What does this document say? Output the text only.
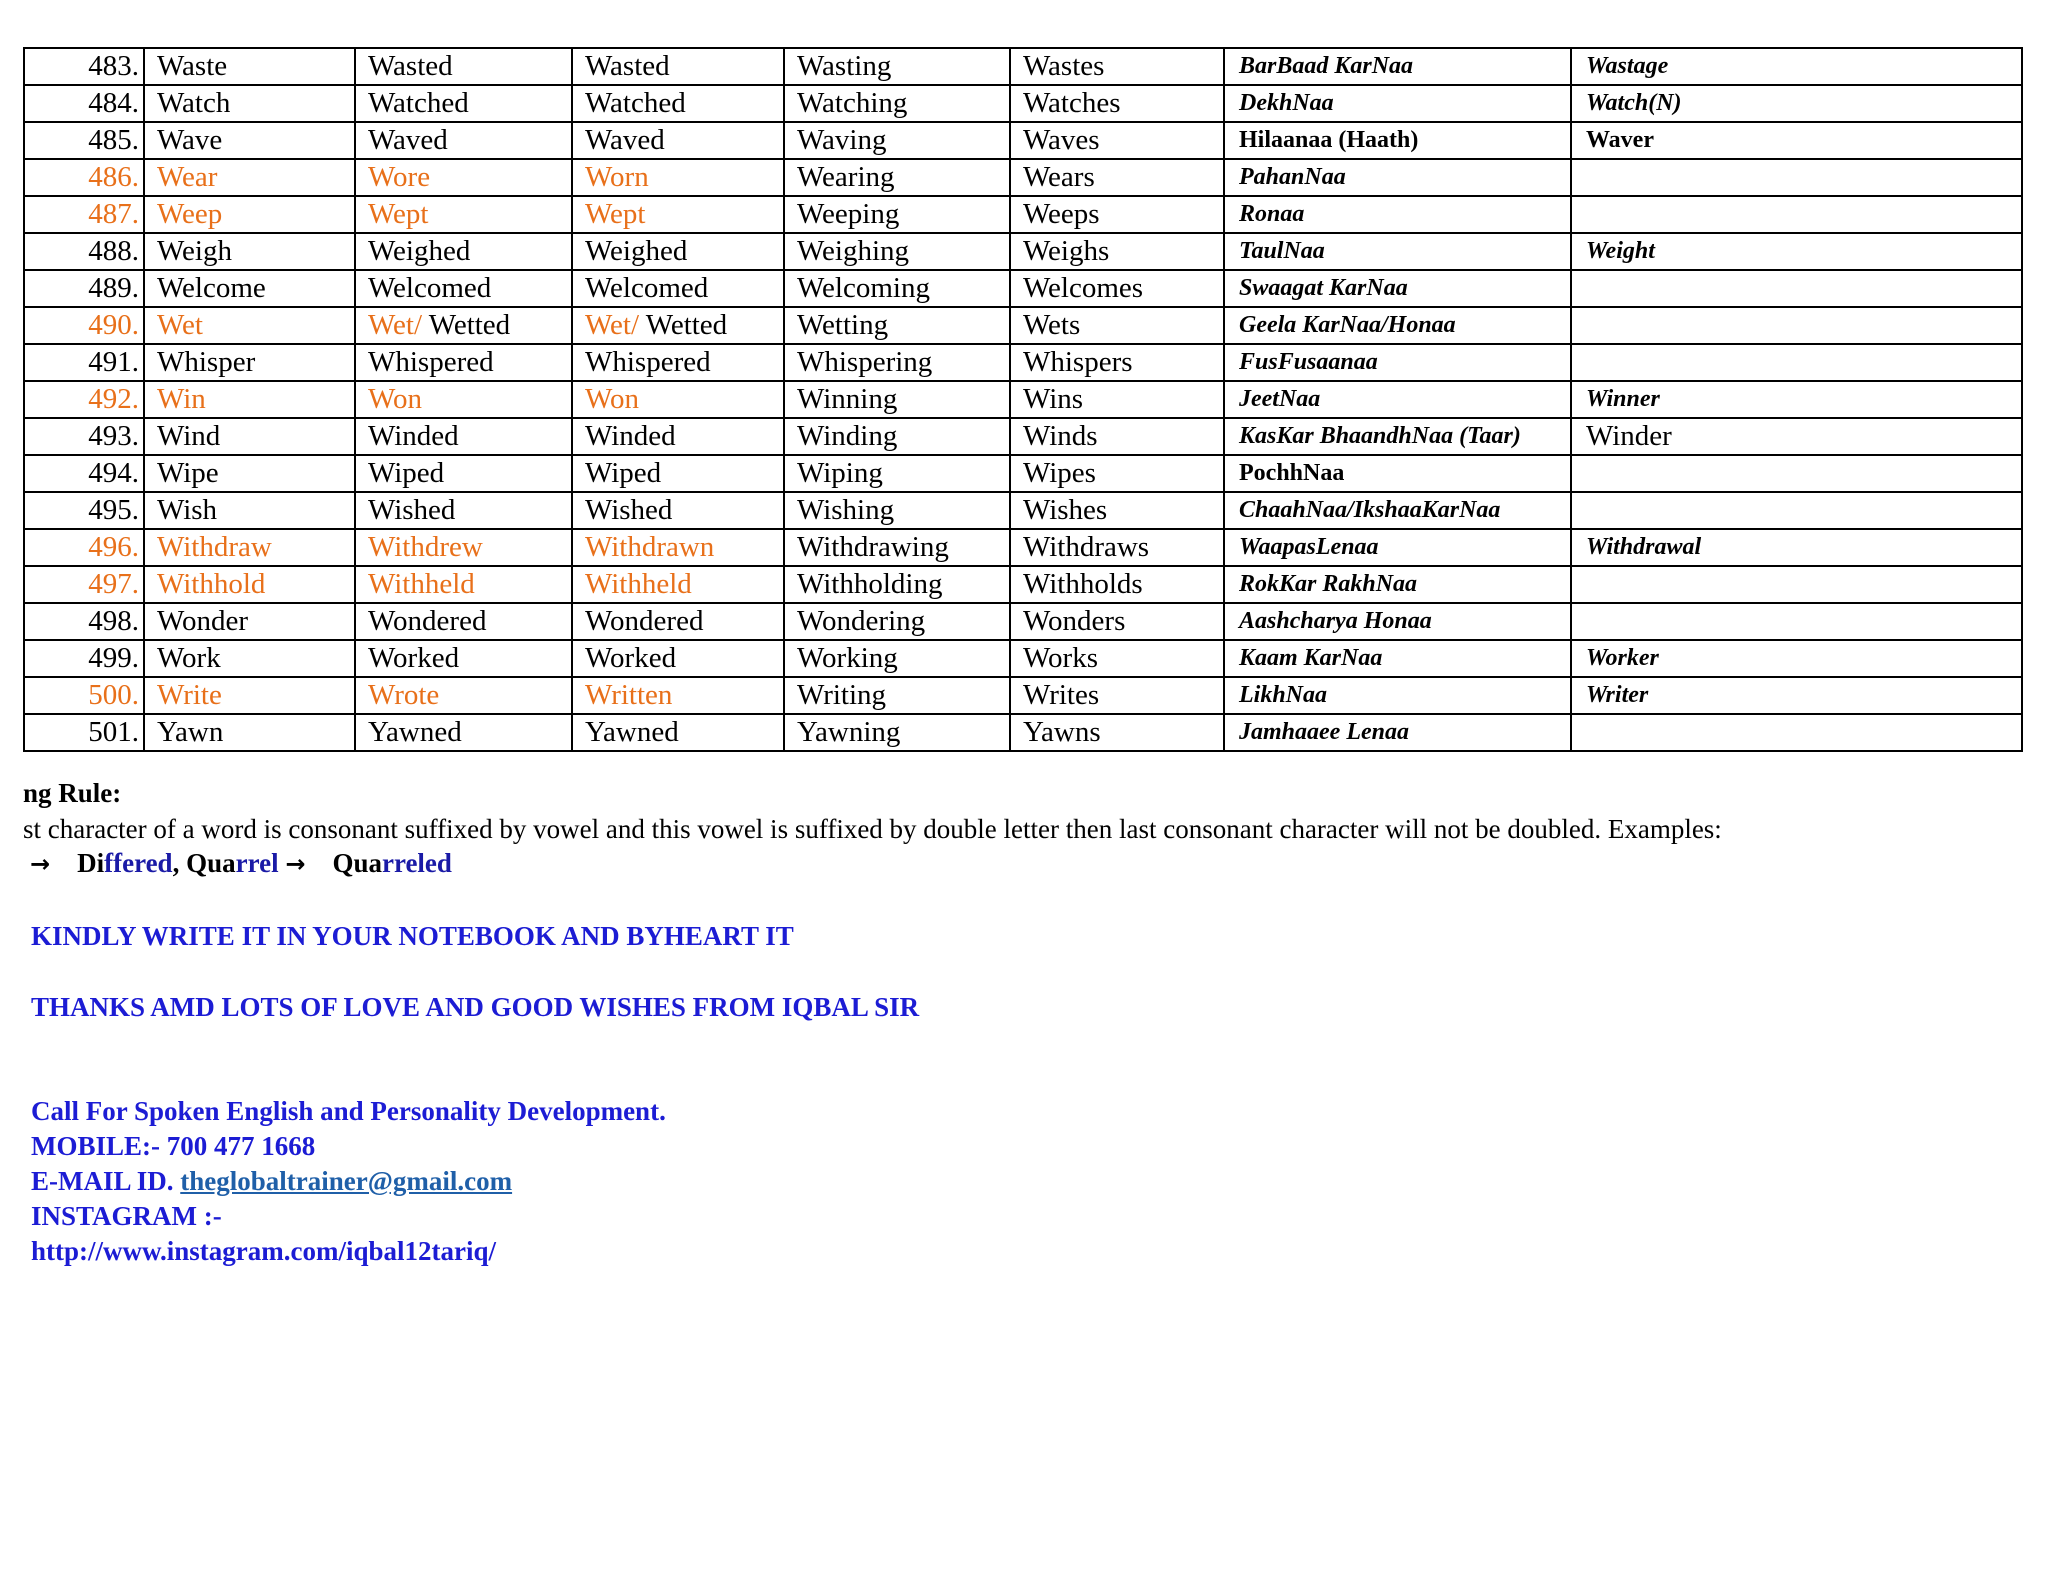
483.	Waste	Wasted	Wasted	Wasting	Wastes	BarBaad KarNaa	Wastage
484.	Watch	Watched	Watched	Watching	Watches	DekhNaa	Watch(N)
485.	Wave	Waved	Waved	Waving	Waves	Hilaanaa (Haath)	Waver
486.	Wear	Wore	Worn	Wearing	Wears	PahanNaa	
487.	Weep	Wept	Wept	Weeping	Weeps	Ronaa	
488.	Weigh	Weighed	Weighed	Weighing	Weighs	TaulNaa	Weight
489.	Welcome	Welcomed	Welcomed	Welcoming	Welcomes	Swaagat KarNaa	
490.	Wet	Wet/ Wetted	Wet/ Wetted	Wetting	Wets	Geela KarNaa/Honaa	
491.	Whisper	Whispered	Whispered	Whispering	Whispers	FusFusaanaa	
492.	Win	Won	Won	Winning	Wins	JeetNaa	Winner
493.	Wind	Winded	Winded	Winding	Winds	KasKar BhaandhNaa (Taar)	Winder
494.	Wipe	Wiped	Wiped	Wiping	Wipes	PochhNaa	
495.	Wish	Wished	Wished	Wishing	Wishes	ChaahNaa/IkshaaKarNaa	
496.	Withdraw	Withdrew	Withdrawn	Withdrawing	Withdraws	WaapasLenaa	Withdrawal
497.	Withhold	Withheld	Withheld	Withholding	Withholds	RokKar RakhNaa	
498.	Wonder	Wondered	Wondered	Wondering	Wonders	Aashcharya Honaa	
499.	Work	Worked	Worked	Working	Works	Kaam KarNaa	Worker
500.	Write	Wrote	Written	Writing	Writes	LikhNaa	Writer
501.	Yawn	Yawned	Yawned	Yawning	Yawns	Jamhaaee Lenaa	
ng Rule:
st character of a word is consonant suffixed by vowel and this vowel is suffixed by double letter then last consonant character will not be doubled. Examples:
→ Differed, Quarrel → Quarreled
KINDLY WRITE IT IN YOUR NOTEBOOK AND BYHEART IT
THANKS AMD LOTS OF LOVE AND GOOD WISHES FROM IQBAL SIR
Call For Spoken English and Personality Development.
MOBILE:- 700 477 1668
E-MAIL ID. theglobaltrainer@gmail.com
INSTAGRAM :-
http://www.instagram.com/iqbal12tariq/
